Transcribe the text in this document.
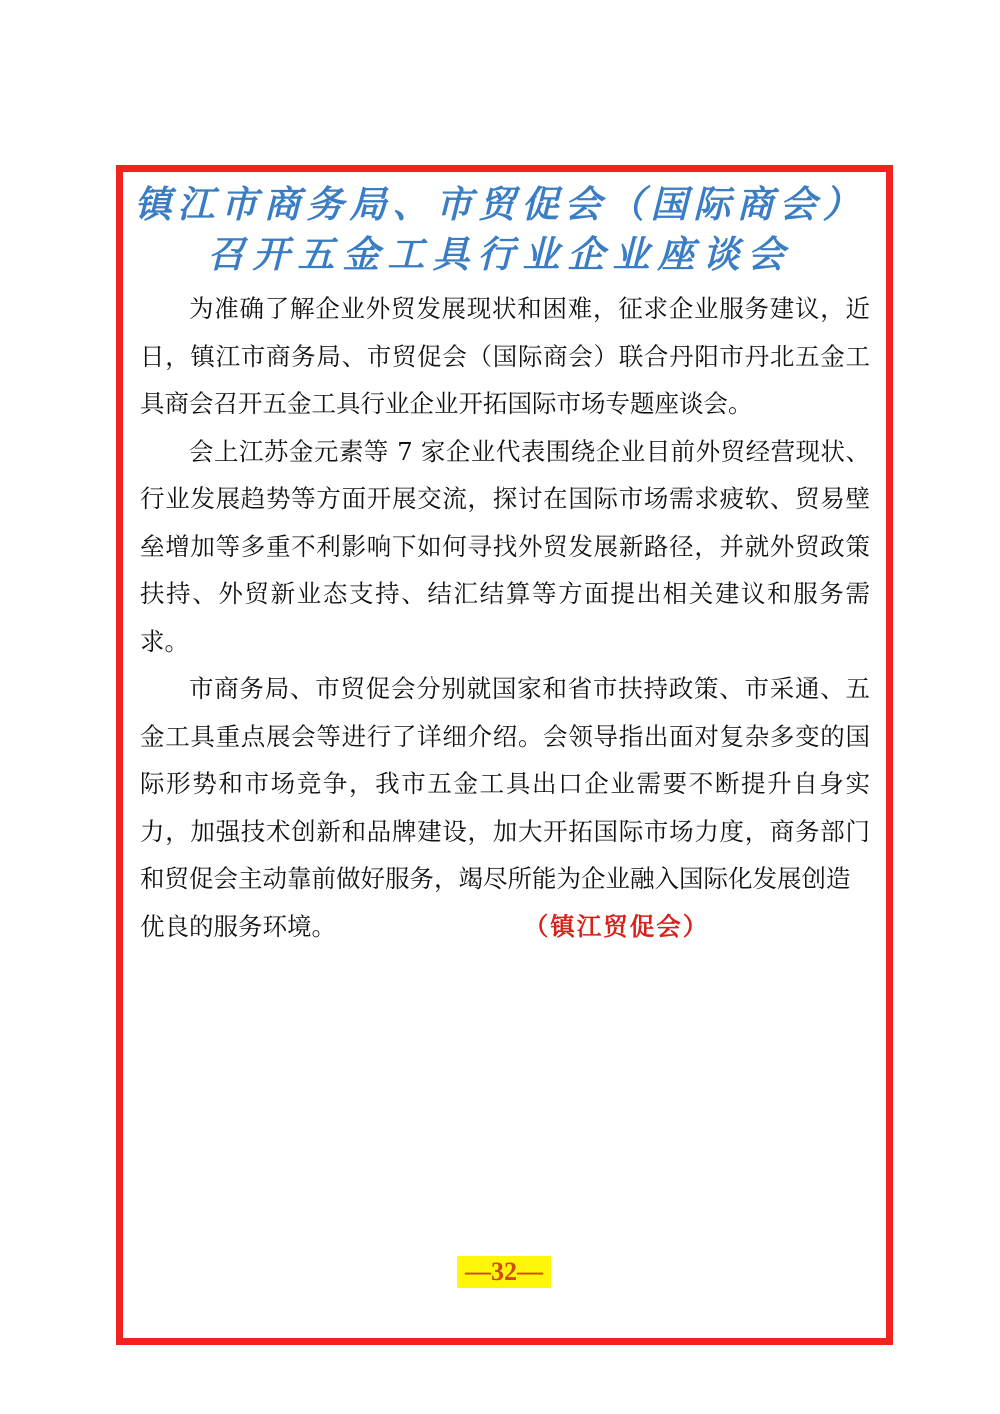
镇江市商务局、市贸促会（国际商会）
召开五金工具行业企业座谈会

为准确了解企业外贸发展现状和困难，征求企业服务建议，近日，镇江市商务局、市贸促会（国际商会）联合丹阳市丹北五金工具商会召开五金工具行业企业开拓国际市场专题座谈会。

会上江苏金元素等 7 家企业代表围绕企业目前外贸经营现状、行业发展趋势等方面开展交流，探讨在国际市场需求疲软、贸易壁垒增加等多重不利影响下如何寻找外贸发展新路径，并就外贸政策扶持、外贸新业态支持、结汇结算等方面提出相关建议和服务需求。

市商务局、市贸促会分别就国家和省市扶持政策、市采通、五金工具重点展会等进行了详细介绍。会领导指出面对复杂多变的国际形势和市场竞争，我市五金工具出口企业需要不断提升自身实力，加强技术创新和品牌建设，加大开拓国际市场力度，商务部门和贸促会主动靠前做好服务，竭尽所能为企业融入国际化发展创造

优良的服务环境。	（镇江贸促会）
—32—
